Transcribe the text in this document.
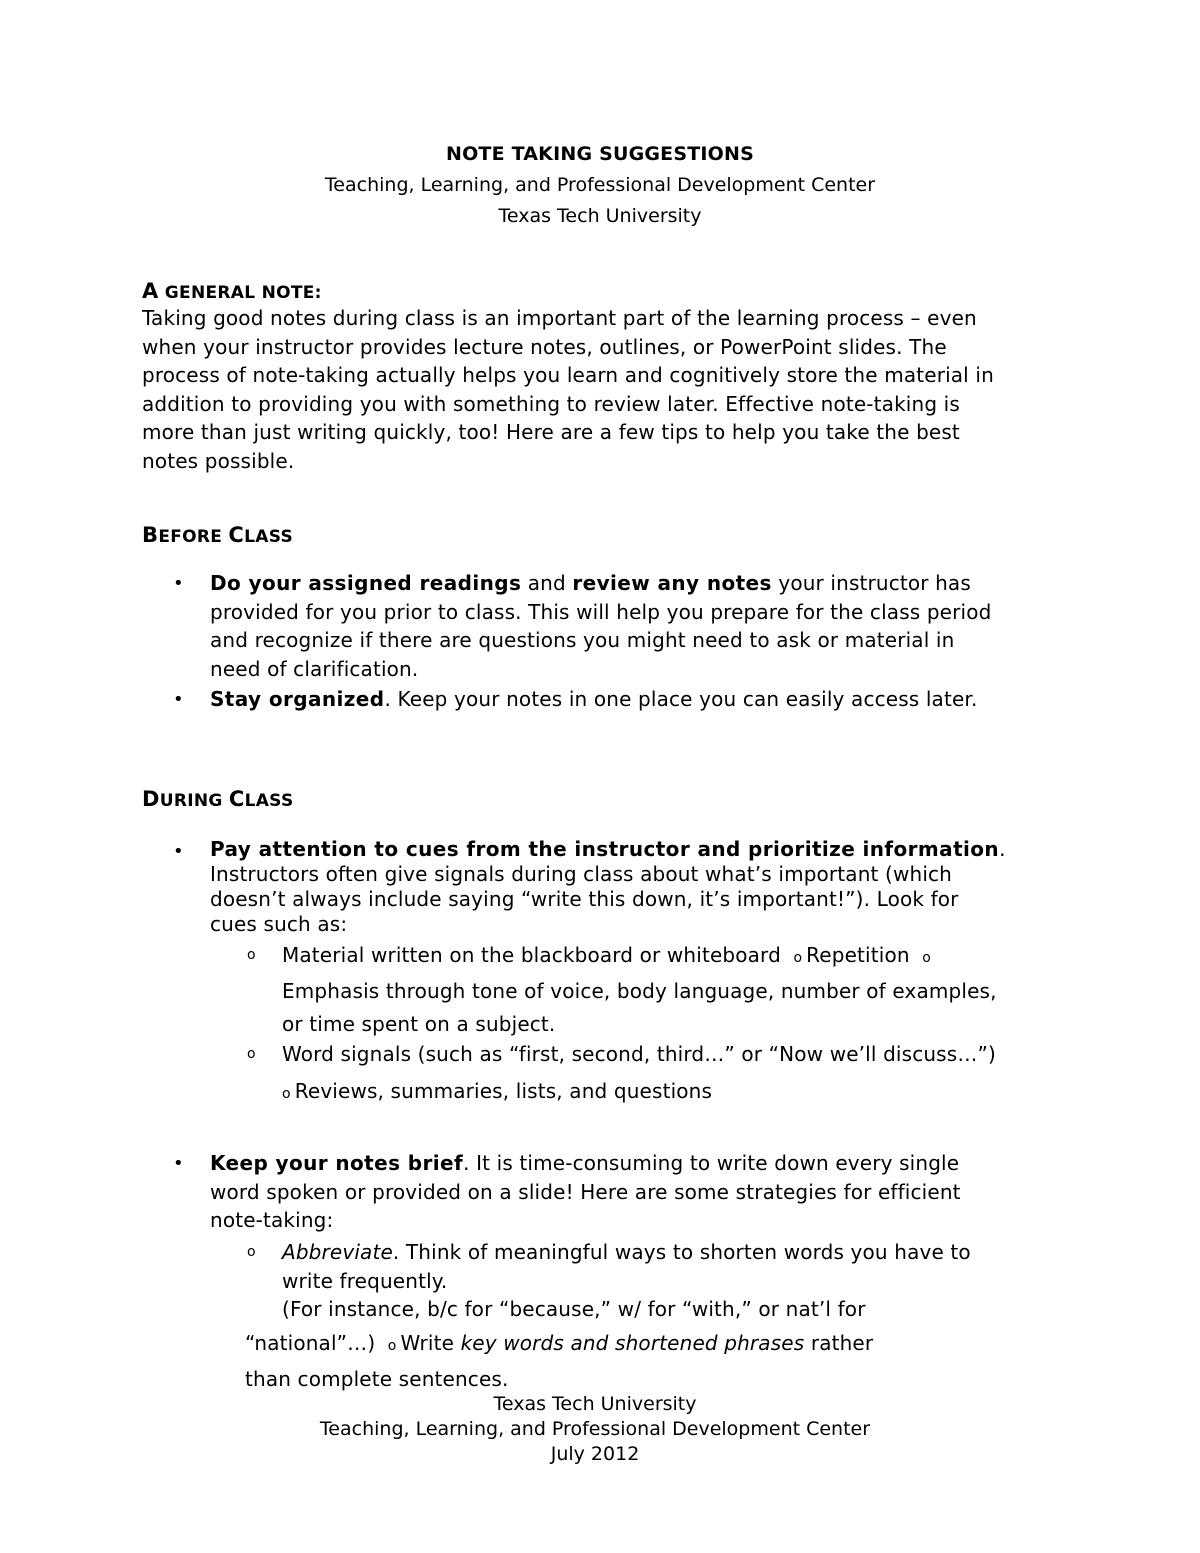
NOTE TAKING SUGGESTIONS
Teaching, Learning, and Professional Development Center
Texas Tech University
A GENERAL NOTE:
Taking good notes during class is an important part of the learning process – even
when your instructor provides lecture notes, outlines, or PowerPoint slides. The
process of note-taking actually helps you learn and cognitively store the material in
addition to providing you with something to review later. Effective note-taking is
more than just writing quickly, too! Here are a few tips to help you take the best
notes possible.
BEFORE CLASS
•
Do your assigned readings and review any notes your instructor has
provided for you prior to class. This will help you prepare for the class period
and recognize if there are questions you might need to ask or material in
need of clarification.
•
Stay organized. Keep your notes in one place you can easily access later.
DURING CLASS
•
Pay attention to cues from the instructor and prioritize information.
Instructors often give signals during class about what’s important (which
doesn’t always include saying “write this down, it’s important!”). Look for
cues such as:
o
Material written on the blackboard or whiteboard o Repetition o
Emphasis through tone of voice, body language, number of examples,
or time spent on a subject.
o
Word signals (such as “first, second, third…” or “Now we’ll discuss…”)
o Reviews, summaries, lists, and questions
•
Keep your notes brief. It is time-consuming to write down every single
word spoken or provided on a slide! Here are some strategies for efficient
note-taking:
o
Abbreviate. Think of meaningful ways to shorten words you have to
write frequently.
(For instance, b/c for “because,” w/ for “with,” or nat’l for
“national”…) o Write key words and shortened phrases rather
than complete sentences.
Texas Tech University
Teaching, Learning, and Professional Development Center
July 2012
